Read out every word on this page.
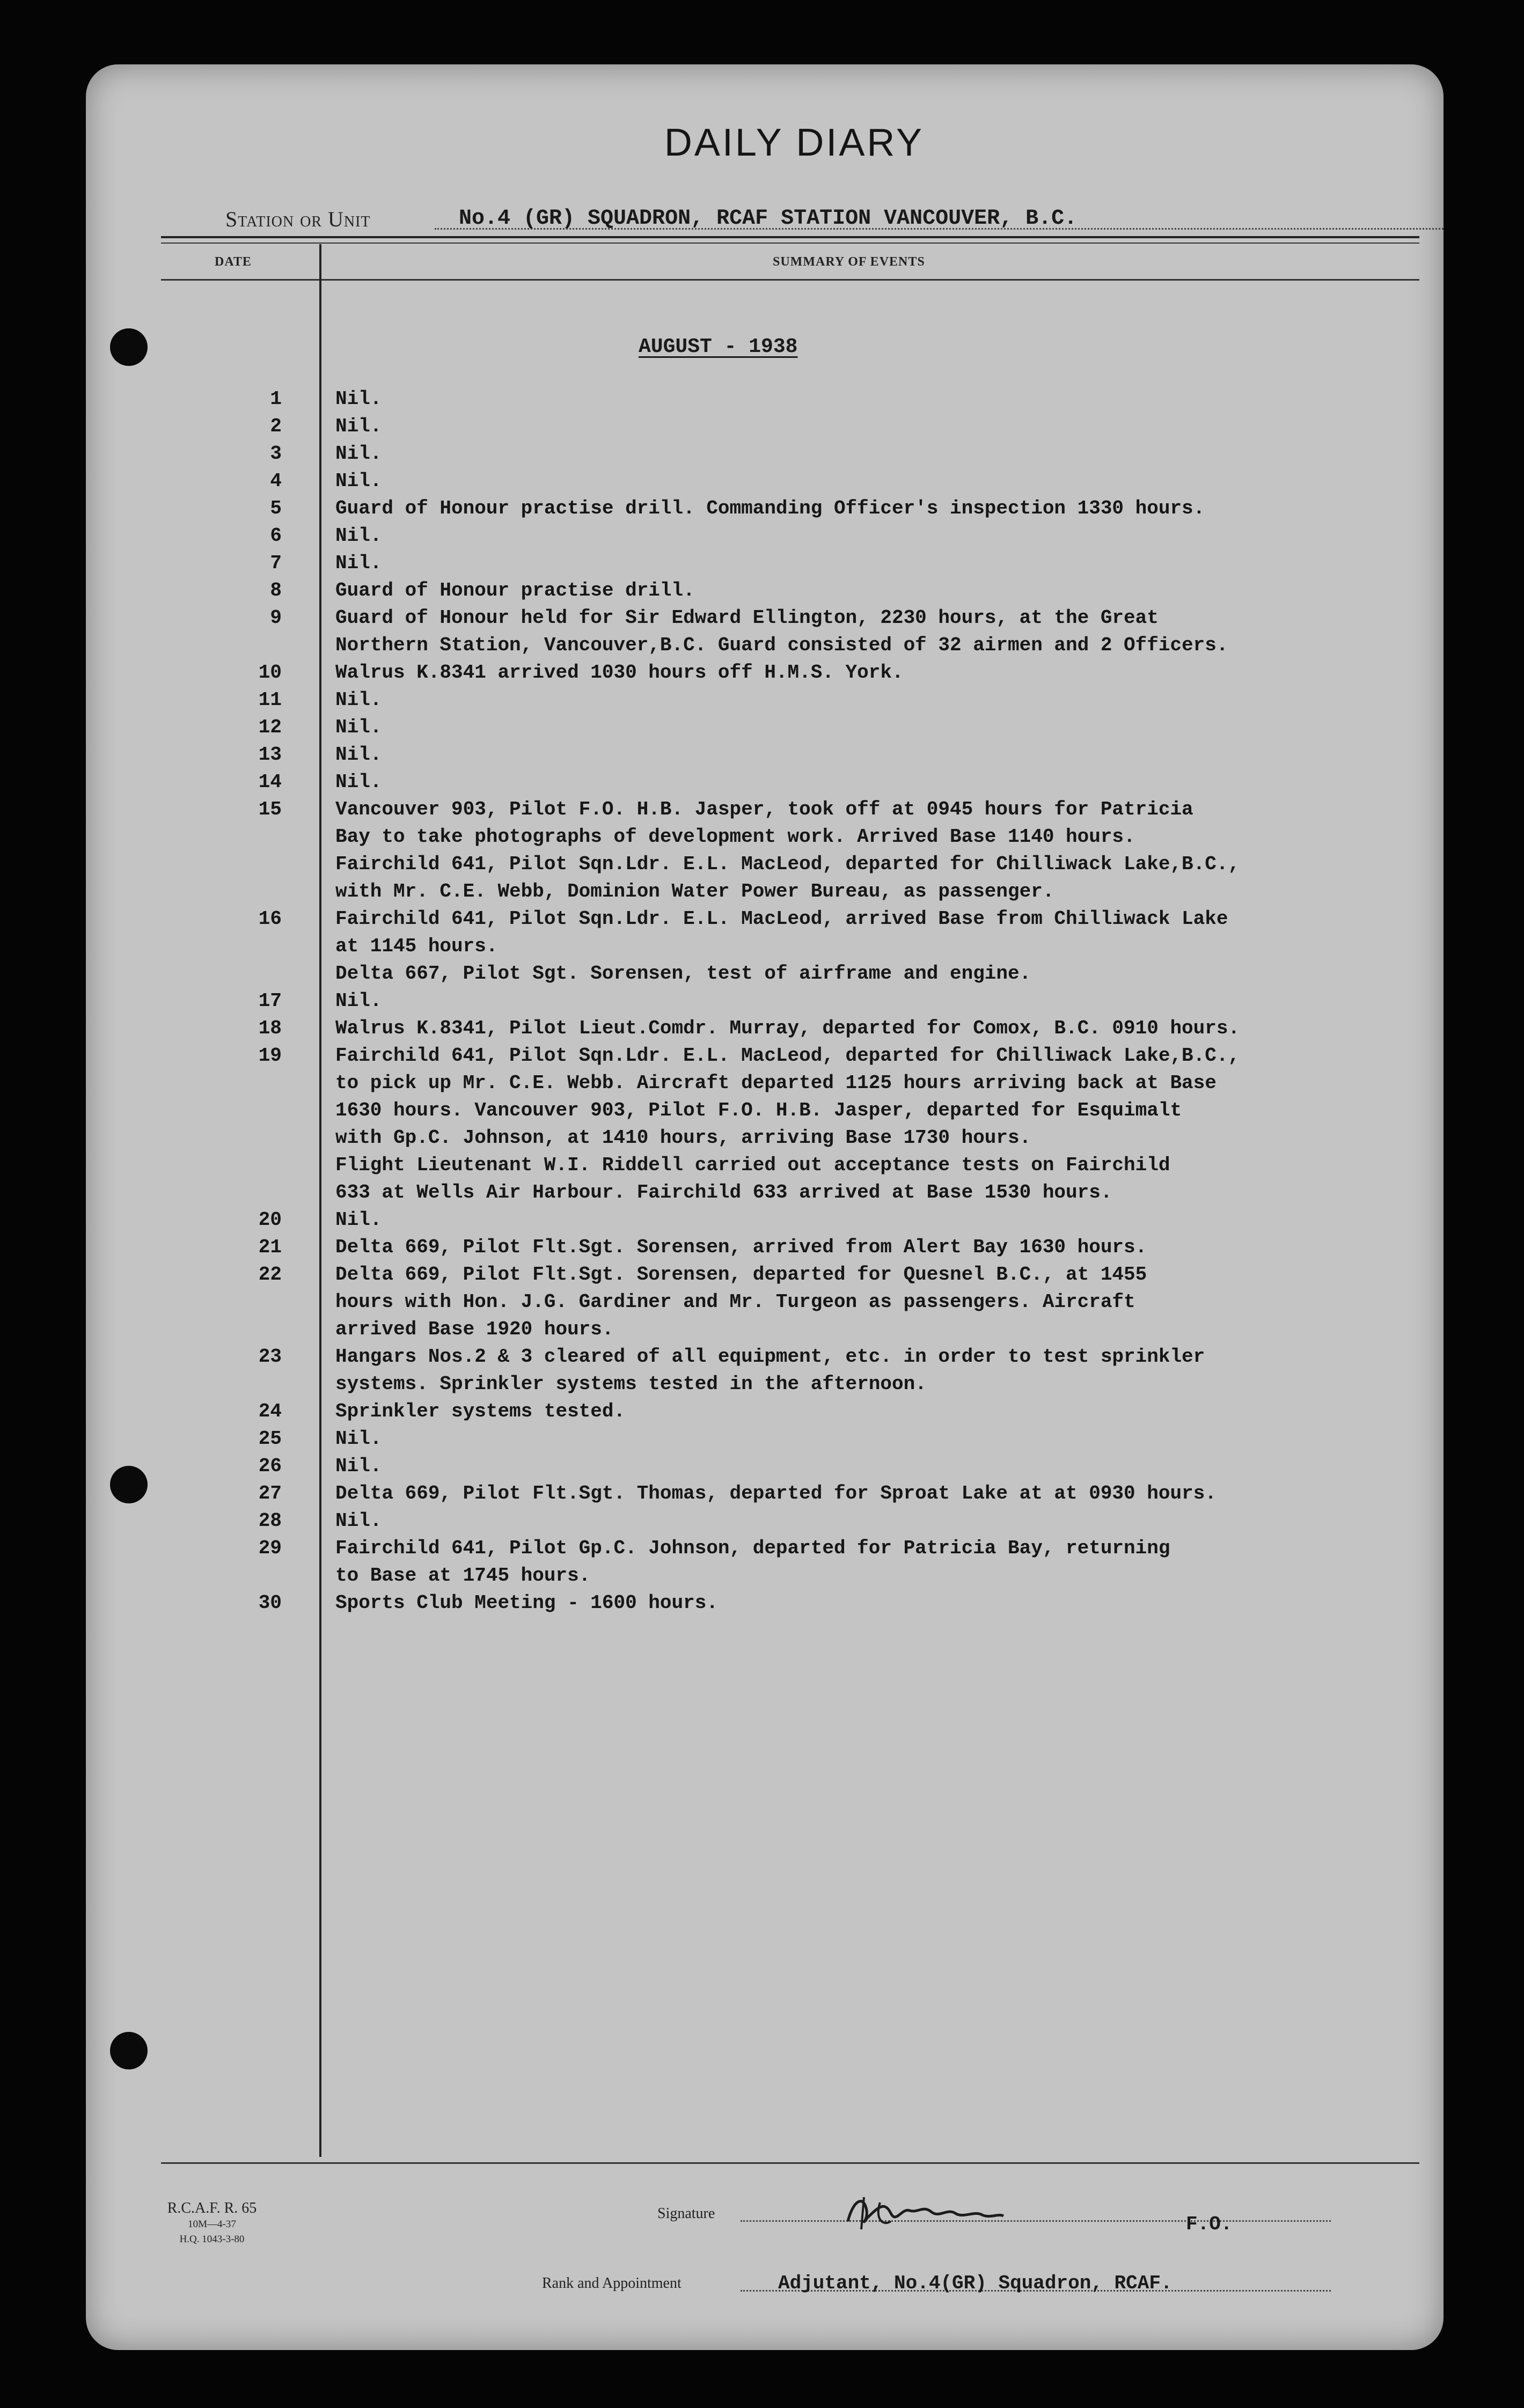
DAILY DIARY
Station or Unit	No.4 (GR) SQUADRON, RCAF STATION VANCOUVER, B.C.
DATE	SUMMARY OF EVENTS
AUGUST - 1938
1	Nil.
2	Nil.
3	Nil.
4	Nil.
5	Guard of Honour practise drill. Commanding Officer's inspection 1330 hours.
6	Nil.
7	Nil.
8	Guard of Honour practise drill.
9	Guard of Honour held for Sir Edward Ellington, 2230 hours, at the Great
Northern Station, Vancouver,B.C. Guard consisted of 32 airmen and 2 Officers.
10	Walrus K.8341 arrived 1030 hours off H.M.S. York.
11	Nil.
12	Nil.
13	Nil.
14	Nil.
15	Vancouver 903, Pilot F.O. H.B. Jasper, took off at 0945 hours for Patricia
Bay to take photographs of development work. Arrived Base 1140 hours.
Fairchild 641, Pilot Sqn.Ldr. E.L. MacLeod, departed for Chilliwack Lake,B.C.,
with Mr. C.E. Webb, Dominion Water Power Bureau, as passenger.
16	Fairchild 641, Pilot Sqn.Ldr. E.L. MacLeod, arrived Base from Chilliwack Lake
at 1145 hours.
Delta 667, Pilot Sgt. Sorensen, test of airframe and engine.
17	Nil.
18	Walrus K.8341, Pilot Lieut.Comdr. Murray, departed for Comox, B.C. 0910 hours.
19	Fairchild 641, Pilot Sqn.Ldr. E.L. MacLeod, departed for Chilliwack Lake,B.C.,
to pick up Mr. C.E. Webb. Aircraft departed 1125 hours arriving back at Base
1630 hours. Vancouver 903, Pilot F.O. H.B. Jasper, departed for Esquimalt
with Gp.C. Johnson, at 1410 hours, arriving Base 1730 hours.
Flight Lieutenant W.I. Riddell carried out acceptance tests on Fairchild
633 at Wells Air Harbour. Fairchild 633 arrived at Base 1530 hours.
20	Nil.
21	Delta 669, Pilot Flt.Sgt. Sorensen, arrived from Alert Bay 1630 hours.
22	Delta 669, Pilot Flt.Sgt. Sorensen, departed for Quesnel B.C., at 1455
hours with Hon. J.G. Gardiner and Mr. Turgeon as passengers. Aircraft
arrived Base 1920 hours.
23	Hangars Nos.2 & 3 cleared of all equipment, etc. in order to test sprinkler
systems. Sprinkler systems tested in the afternoon.
24	Sprinkler systems tested.
25	Nil.
26	Nil.
27	Delta 669, Pilot Flt.Sgt. Thomas, departed for Sproat Lake at at 0930 hours.
28	Nil.
29	Fairchild 641, Pilot Gp.C. Johnson, departed for Patricia Bay, returning
to Base at 1745 hours.
30	Sports Club Meeting - 1600 hours.
R.C.A.F. R. 65
10M—4-37
H.Q. 1043-3-80
Signature	F.O.
Rank and Appointment	Adjutant, No.4(GR) Squadron, RCAF.
